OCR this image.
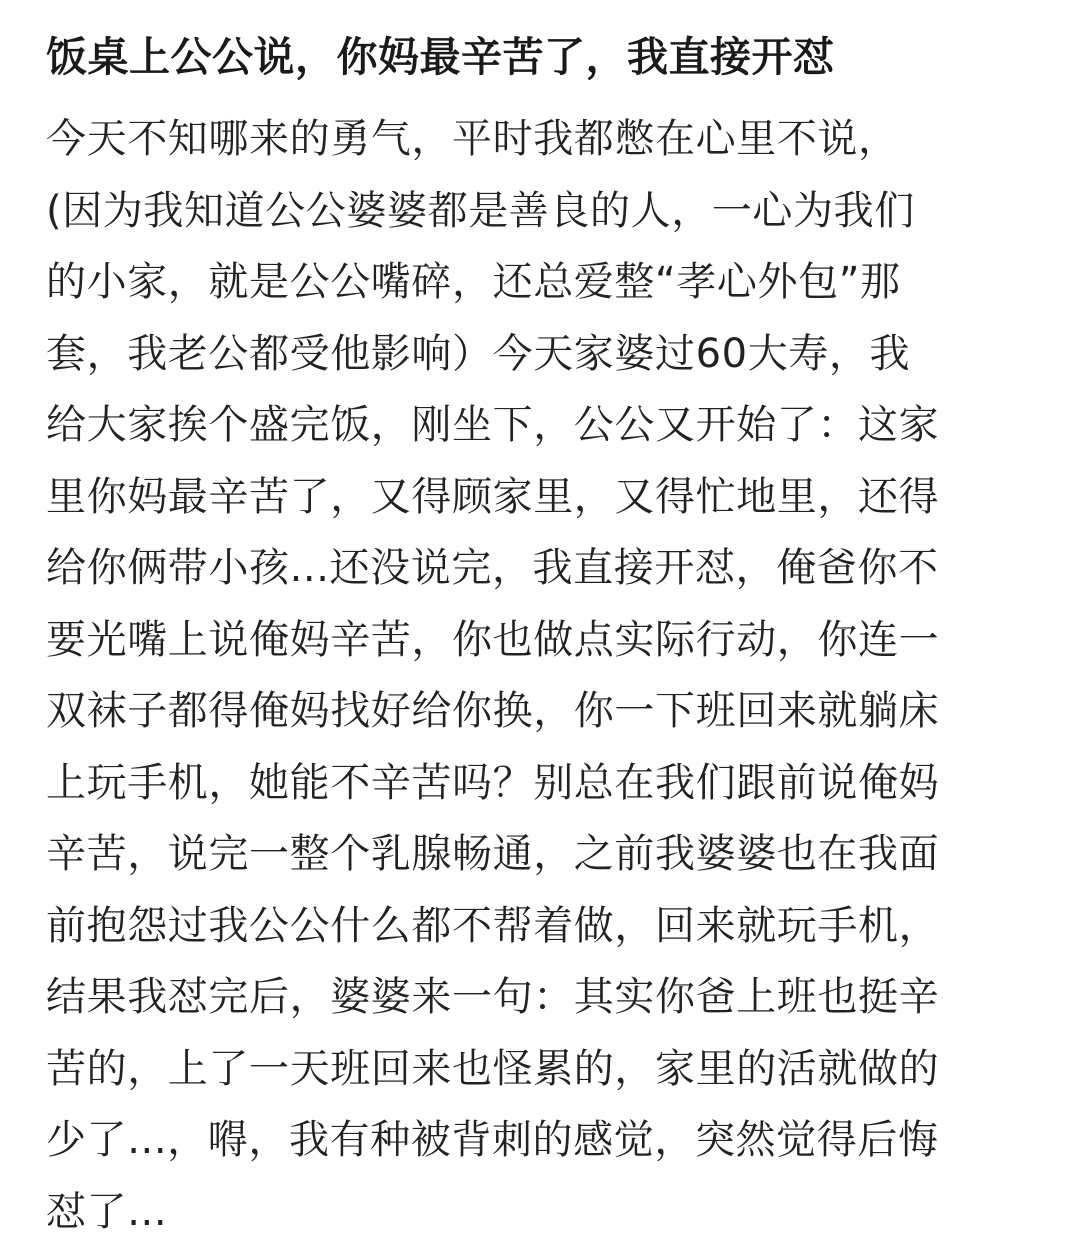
饭桌上公公说，你妈最辛苦了，我直接开怼
今天不知哪来的勇气，平时我都憋在心里不说，
(因为我知道公公婆婆都是善良的人，一心为我们
的小家，就是公公嘴碎，还总爱整“孝心外包”那
套，我老公都受他影响）今天家婆过60大寿，我
给大家挨个盛完饭，刚坐下，公公又开始了：这家
里你妈最辛苦了，又得顾家里，又得忙地里，还得
给你俩带小孩...还没说完，我直接开怼，俺爸你不
要光嘴上说俺妈辛苦，你也做点实际行动，你连一
双袜子都得俺妈找好给你换，你一下班回来就躺床
上玩手机，她能不辛苦吗？别总在我们跟前说俺妈
辛苦，说完一整个乳腺畅通，之前我婆婆也在我面
前抱怨过我公公什么都不帮着做，回来就玩手机，
结果我怼完后，婆婆来一句：其实你爸上班也挺辛
苦的，上了一天班回来也怪累的，家里的活就做的
少了...，嘚，我有种被背刺的感觉，突然觉得后悔
怼了...
